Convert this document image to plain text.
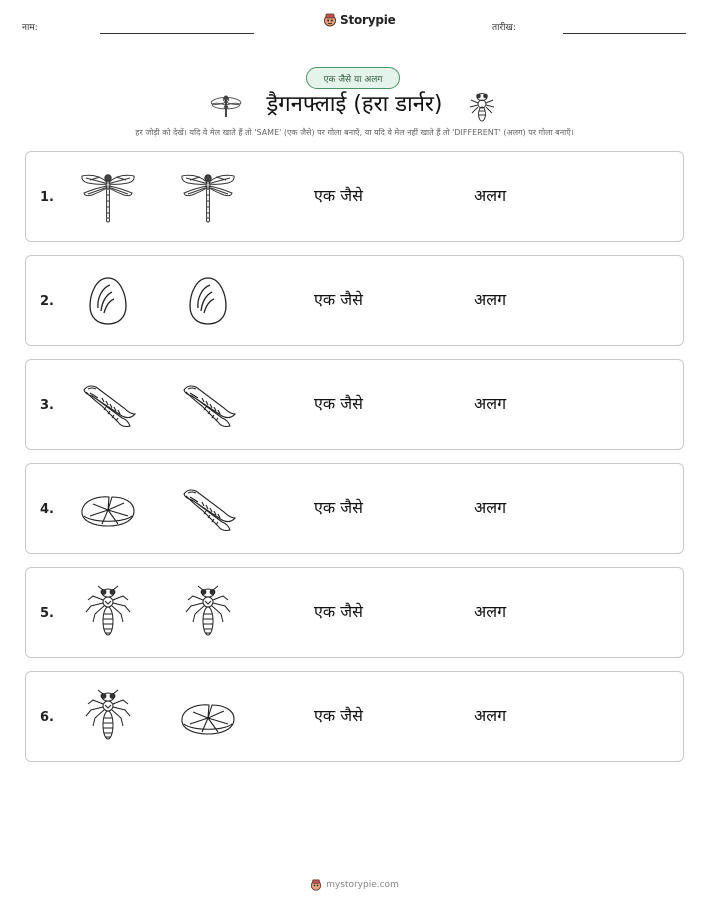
नाम:
Storypie
तारीख:
एक जैसे या अलग
ड्रैगनफ्लाई (हरा डार्नर)
हर जोड़ी को देखें। यदि वे मेल खाते हैं तो 'SAME' (एक जैसे) पर गोला बनाएँ, या यदि वे मेल नहीं खाते हैं तो 'DIFFERENT' (अलग) पर गोला बनाएँ।
1.	एक जैसे	अलग
2.	एक जैसे	अलग
3.	एक जैसे	अलग
4.	एक जैसे	अलग
5.	एक जैसे	अलग
6.	एक जैसे	अलग
mystorypie.com
